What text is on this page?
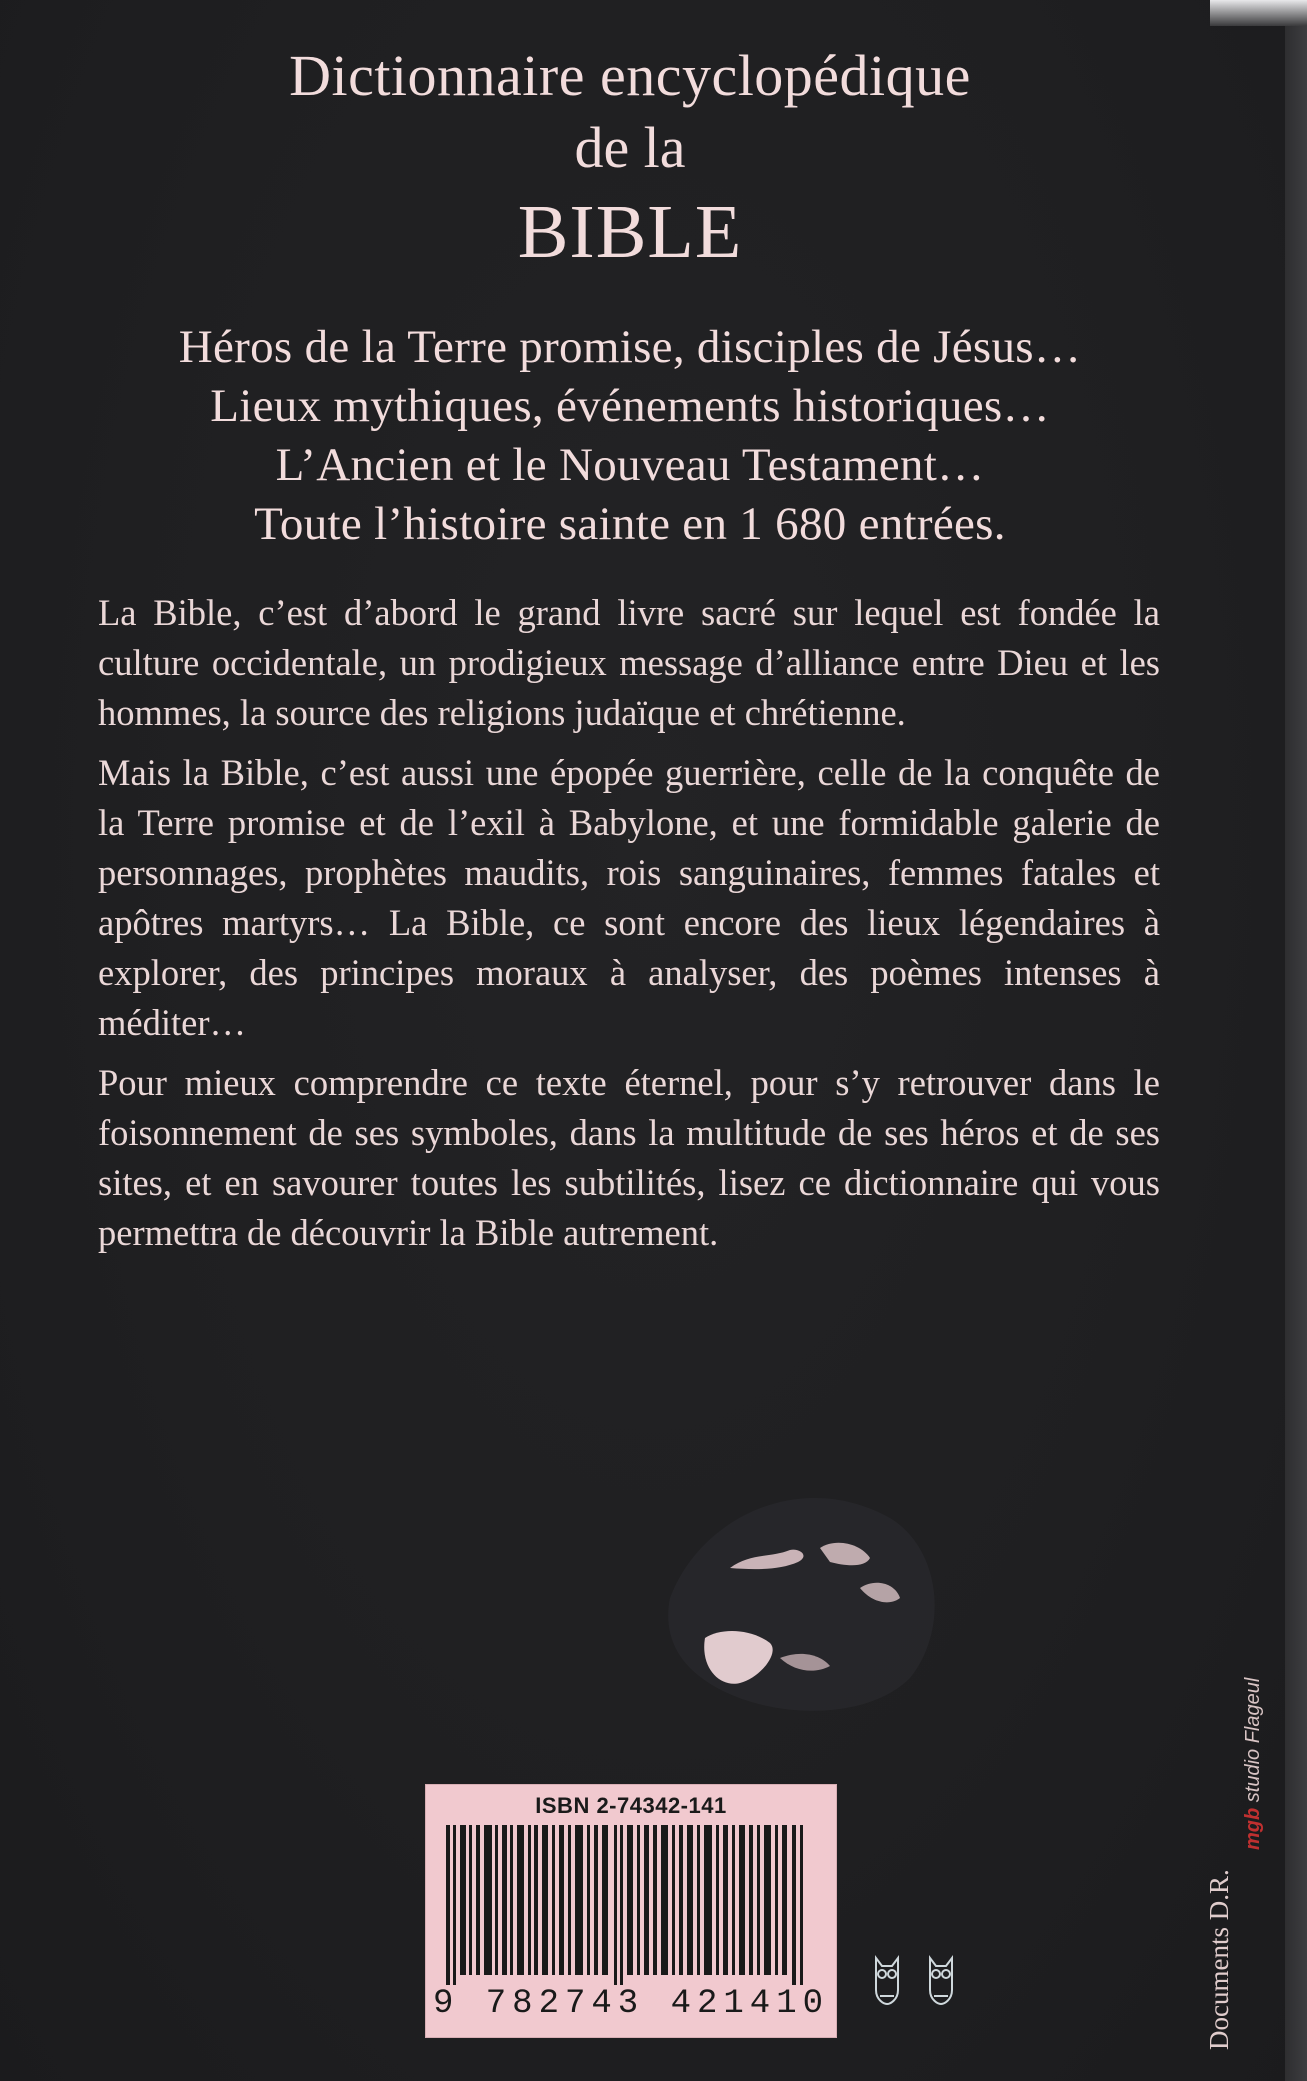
Dictionnaire encyclopédique
de la
BIBLE
Héros de la Terre promise, disciples de Jésus…
Lieux mythiques, événements historiques…
L’Ancien et le Nouveau Testament…
Toute l’histoire sainte en 1 680 entrées.

La Bible, c’est d’abord le grand livre sacré sur lequel est fondée la culture occidentale, un prodigieux message d’alliance entre Dieu et les hommes, la source des religions judaïque et chrétienne.

Mais la Bible, c’est aussi une épopée guerrière, celle de la conquête de la Terre promise et de l’exil à Babylone, et une formidable galerie de personnages, prophètes maudits, rois sanguinaires, femmes fatales et apôtres martyrs… La Bible, ce sont encore des lieux légendaires à explorer, des principes moraux à analyser, des poèmes intenses à méditer…

Pour mieux comprendre ce texte éternel, pour s’y retrouver dans le foisonnement de ses symboles, dans la multitude de ses héros et de ses sites, et en savourer toutes les subtilités, lisez ce dictionnaire qui vous permettra de découvrir la Bible autrement.

ISBN 2-74342-141
9 782743 421410	Documents D.R.
mgb studio Flageul
